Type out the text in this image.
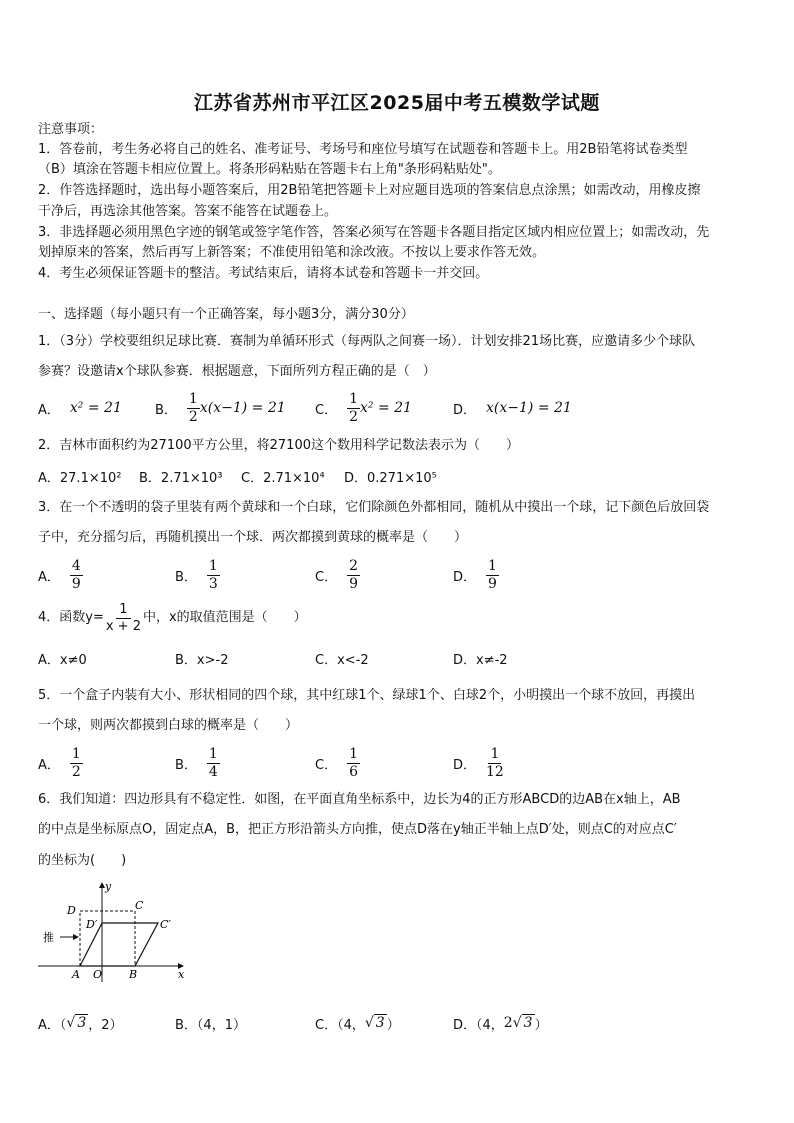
江苏省苏州市平江区2025届中考五模数学试题
注意事项：
1．答卷前，考生务必将自己的姓名、准考证号、考场号和座位号填写在试题卷和答题卡上。用2B铅笔将试卷类型
（B）填涂在答题卡相应位置上。将条形码粘贴在答题卡右上角"条形码粘贴处"。
2．作答选择题时，选出每小题答案后，用2B铅笔把答题卡上对应题目选项的答案信息点涂黑；如需改动，用橡皮擦
干净后，再选涂其他答案。答案不能答在试题卷上。
3．非选择题必须用黑色字迹的钢笔或签字笔作答，答案必须写在答题卡各题目指定区域内相应位置上；如需改动，先
划掉原来的答案，然后再写上新答案；不准使用铅笔和涂改液。不按以上要求作答无效。
4．考生必须保证答题卡的整洁。考试结束后，请将本试卷和答题卡一并交回。
一、选择题（每小题只有一个正确答案，每小题3分，满分30分）
1．（3分）学校要组织足球比赛．赛制为单循环形式（每两队之间赛一场）．计划安排21场比赛，应邀请多少个球队
参赛？设邀请x个球队参赛．根据题意，下面所列方程正确的是（　）
A． x² = 21	B． $\frac{1}{2} x(x-1) = 21$ C． $\frac{1}{2} x^2 = 21$	D． x(x−1) = 21
2．吉林市面积约为27100平方公里，将27100这个数用科学记数法表示为（　　）
A．27.1×10² B．2.71×10³ C．2.71×10⁴ D．0.271×10⁵
3．在一个不透明的袋子里装有两个黄球和一个白球，它们除颜色外都相同，随机从中摸出一个球，记下颜色后放回袋
子中，充分摇匀后，再随机摸出一个球．两次都摸到黄球的概率是（　　）
A． $\frac{4}{9}$	B． $\frac{1}{3}$	C． $\frac{2}{9}$	D． $\frac{1}{9}$
4．函数$y= \frac{1}{x + 2}$ 中，x的取值范围是（　　）
A．x≠0	B．x>-2	C．x<-2	D．x≠-2
5．一个盒子内装有大小、形状相同的四个球，其中红球1个、绿球1个、白球2个，小明摸出一个球不放回，再摸出
一个球，则两次都摸到白球的概率是（　　）
A． $\frac{1}{2}$	B． $\frac{1}{4}$	C． $\frac{1}{6}$	D． $\frac{1}{12}$
6．我们知道：四边形具有不稳定性．如图，在平面直角坐标系中，边长为4的正方形ABCD的边AB在x轴上，AB
的中点是坐标原点O，固定点A，B，把正方形沿箭头方向推，使点D落在y轴正半轴上点D′处，则点C的对应点C′
的坐标为(　　)
y
x
D	C
D′	C′
推
A O B
A．（ √ 3 ，2）	B．（4，1）	C．（4， √ 3 ）	D．（4， 2√ 3 ）
